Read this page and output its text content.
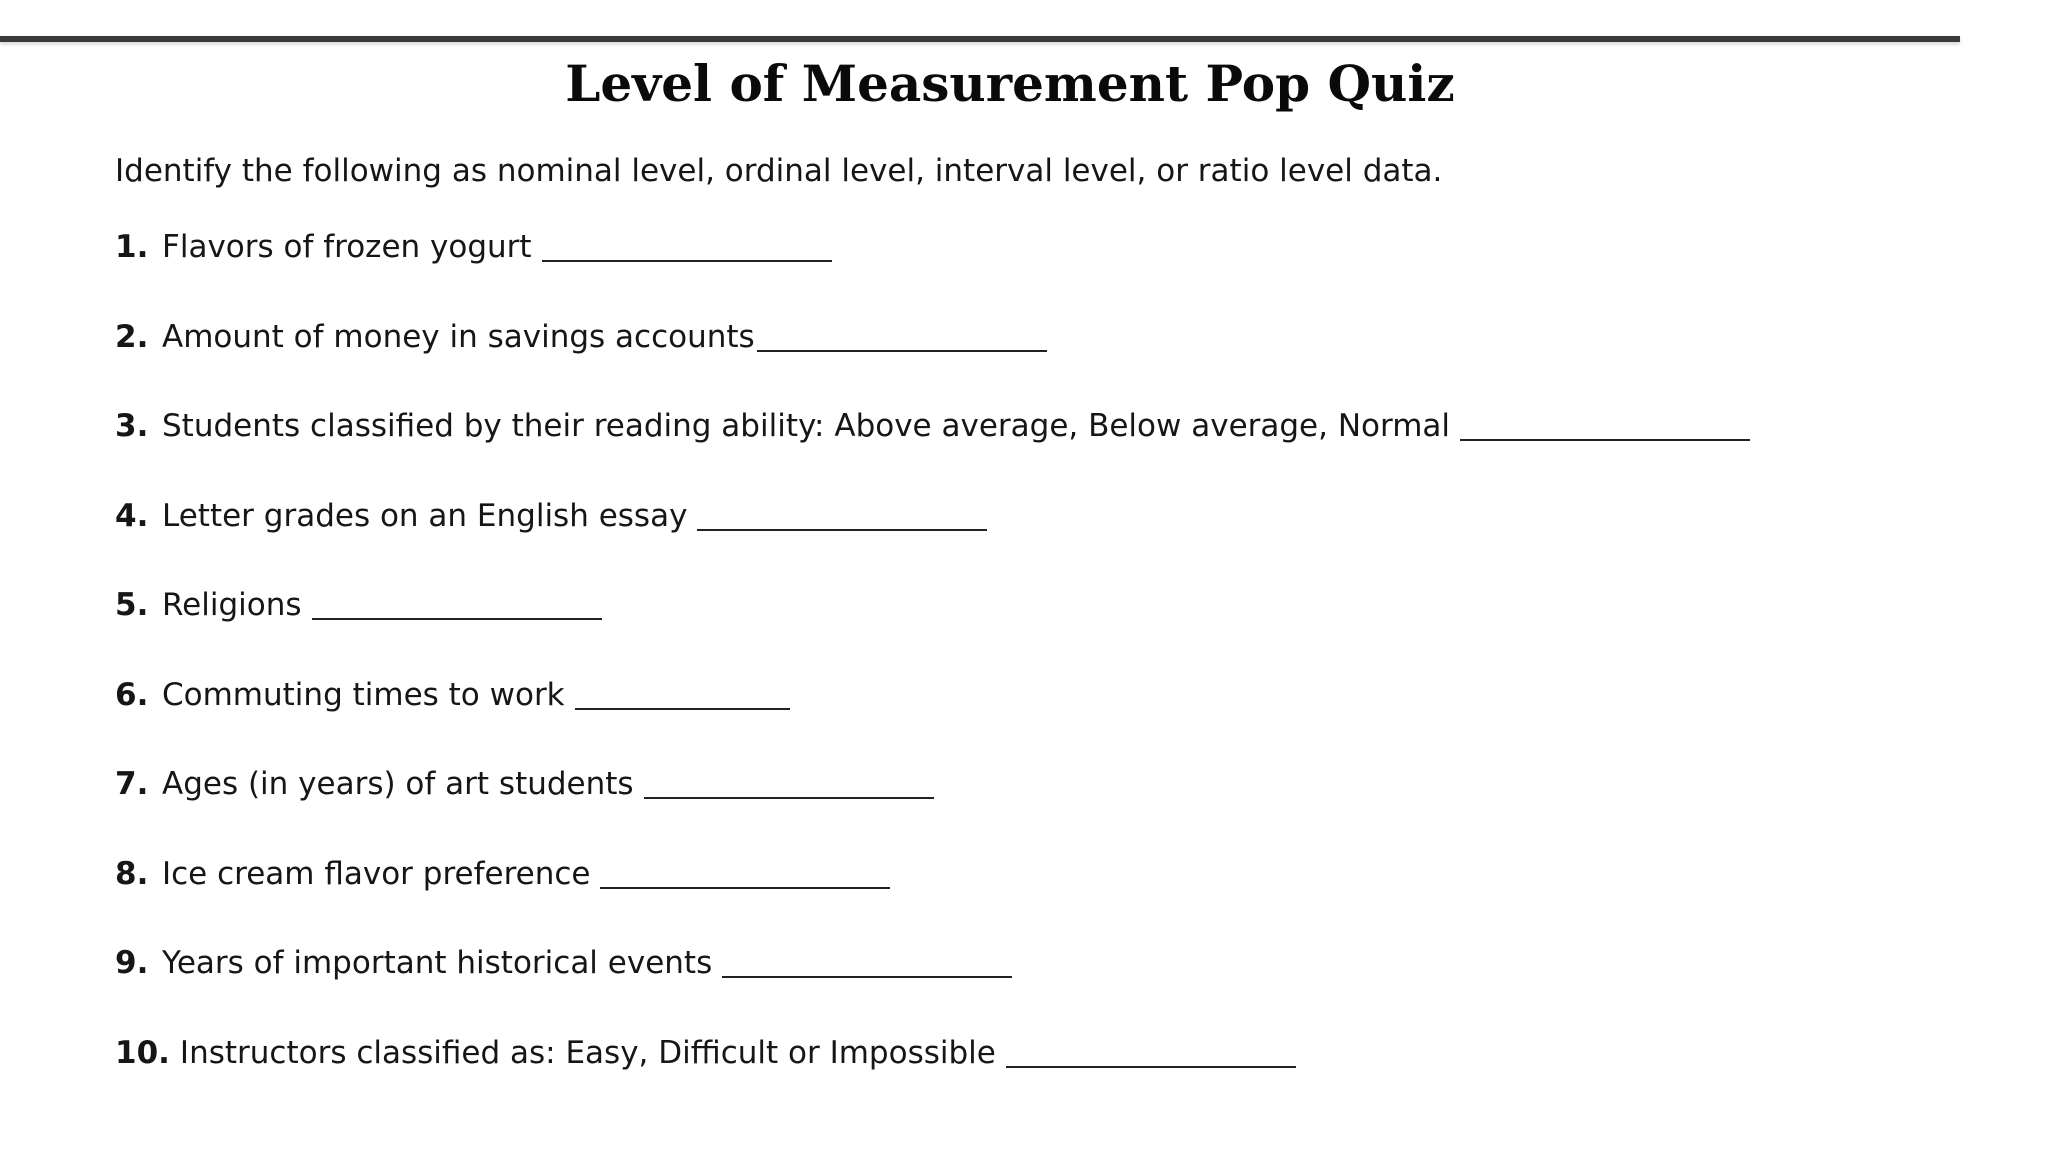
Level of Measurement Pop Quiz

Identify the following as nominal level, ordinal level, interval level, or ratio level data.

1. Flavors of frozen yogurt
2. Amount of money in savings accounts
3. Students classified by their reading ability: Above average, Below average, Normal
4. Letter grades on an English essay
5. Religions
6. Commuting times to work
7. Ages (in years) of art students
8. Ice cream flavor preference
9. Years of important historical events
10. Instructors classified as: Easy, Difficult or Impossible
